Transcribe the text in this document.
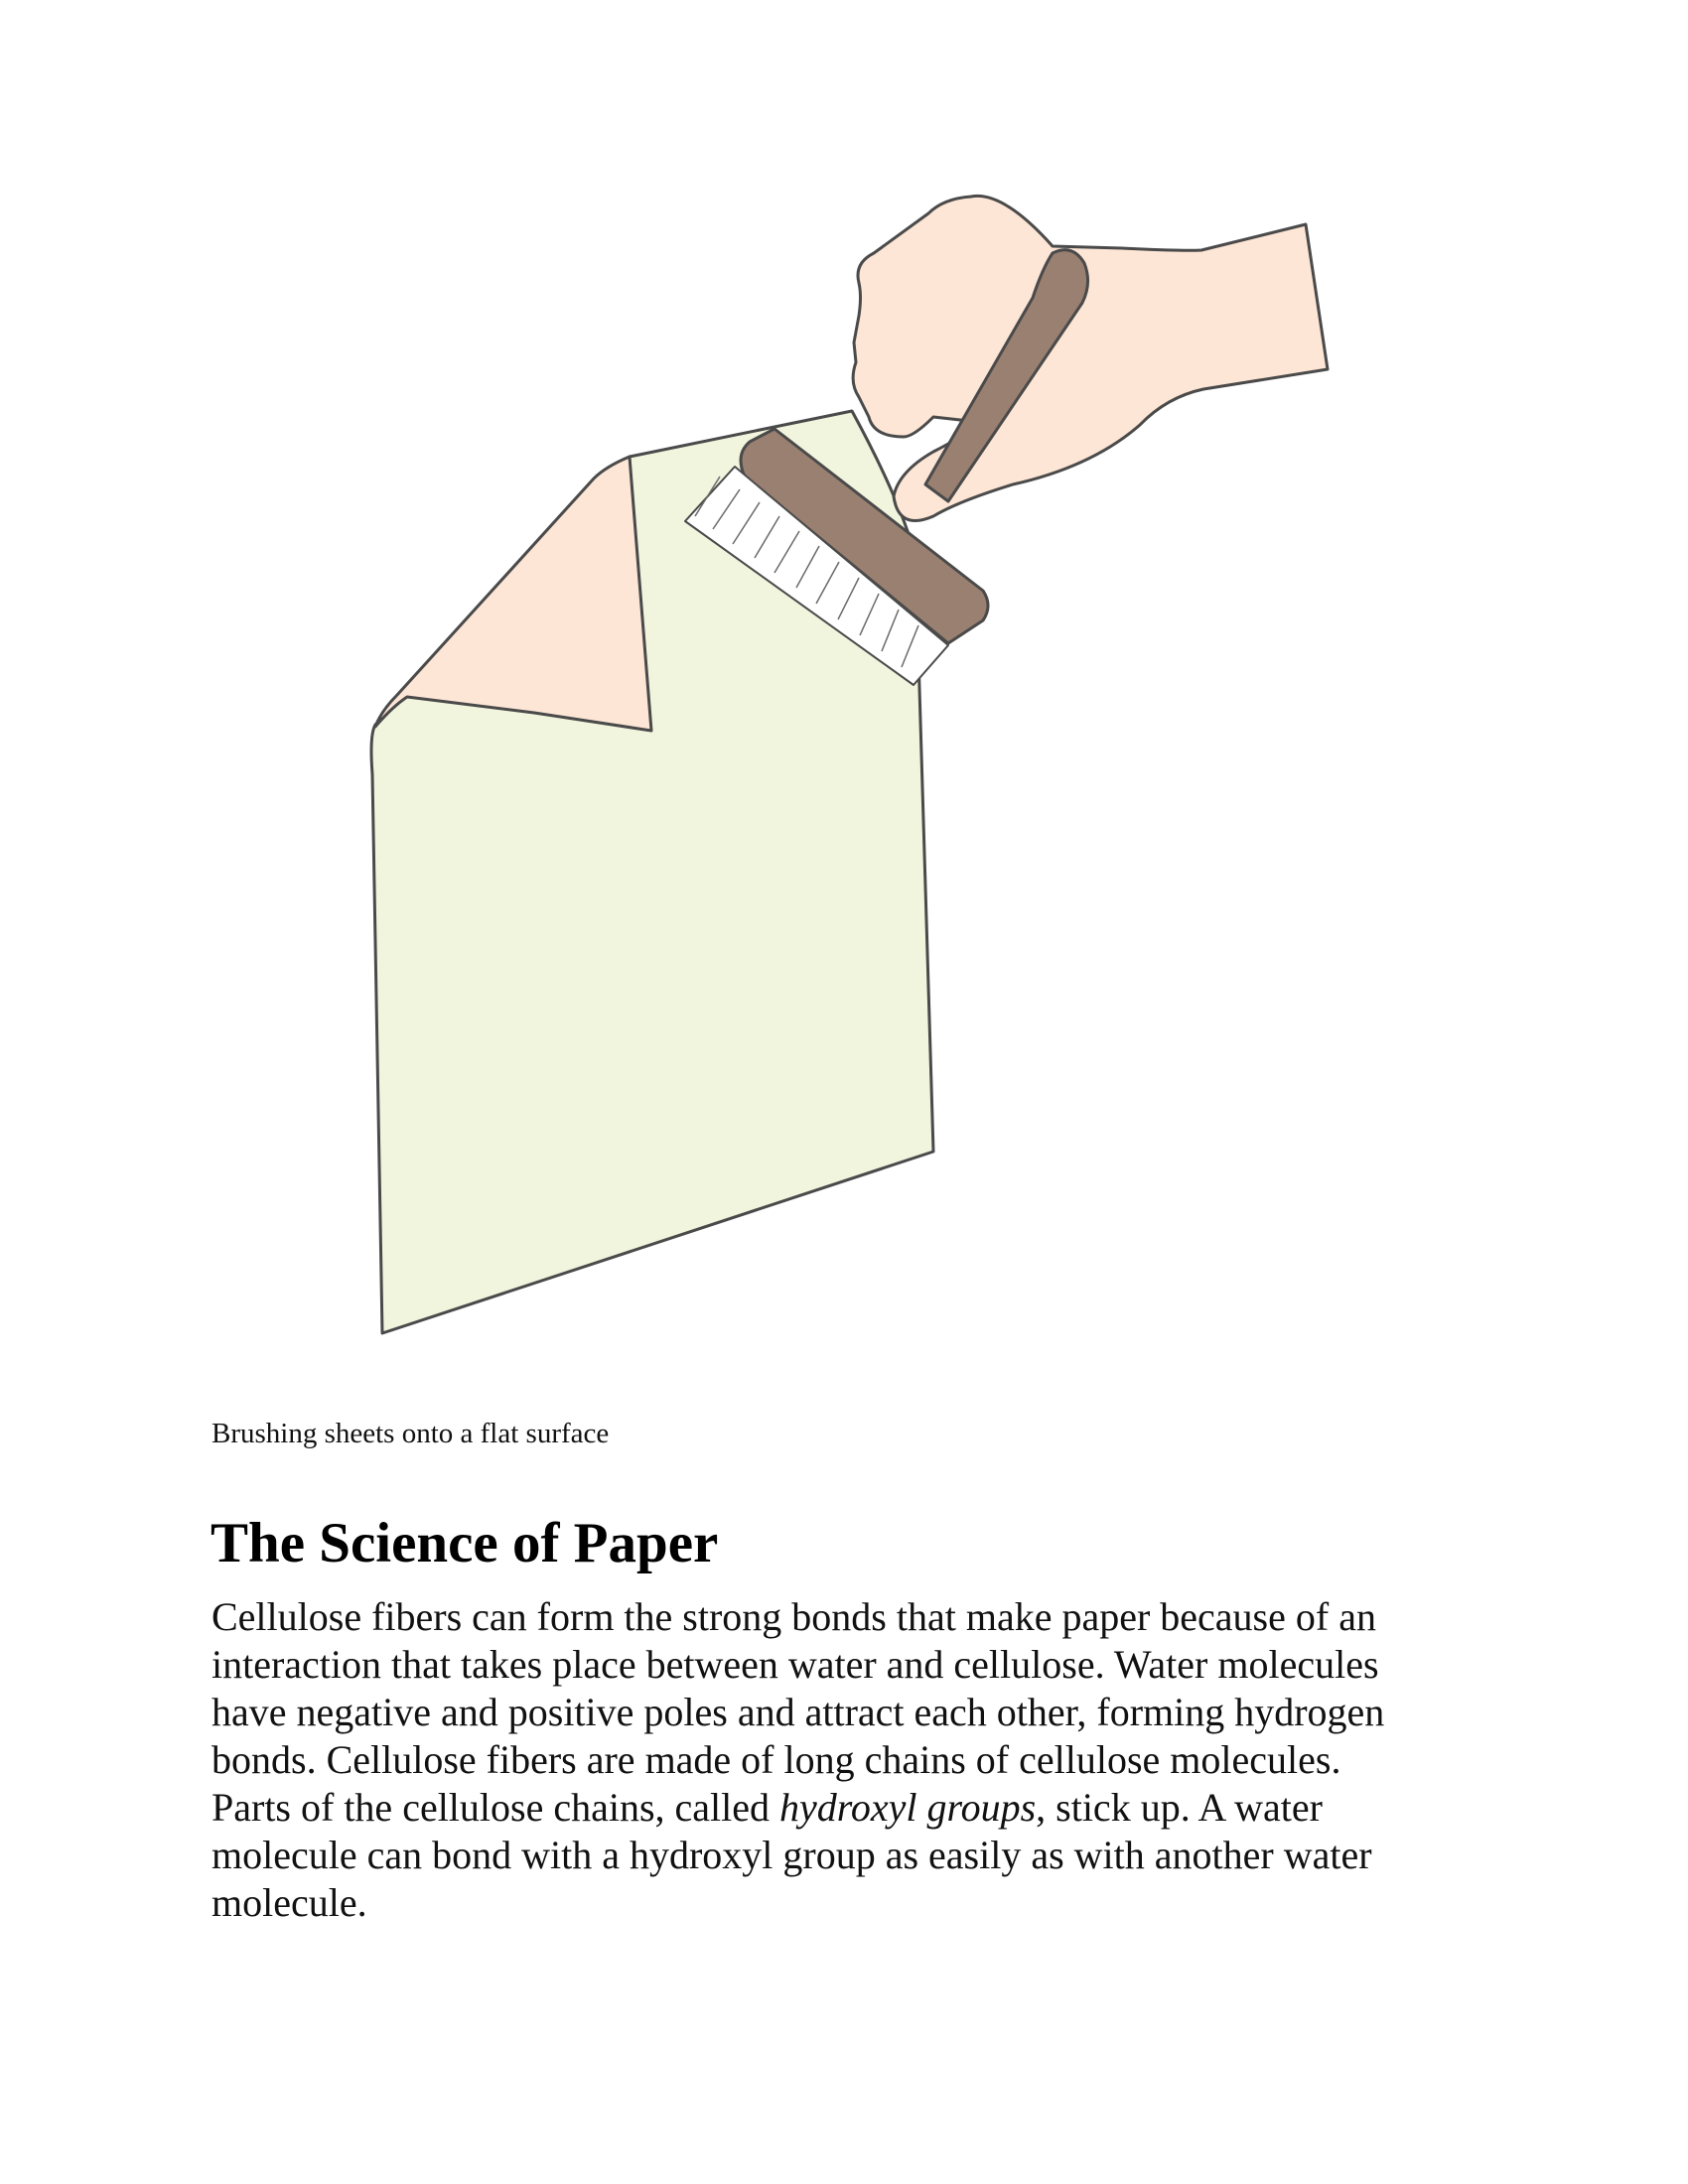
Brushing sheets onto a flat surface
The Science of Paper

Cellulose fibers can form the strong bonds that make paper because of an
interaction that takes place between water and cellulose. Water molecules
have negative and positive poles and attract each other, forming hydrogen
bonds. Cellulose fibers are made of long chains of cellulose molecules.
Parts of the cellulose chains, called hydroxyl groups, stick up. A water
molecule can bond with a hydroxyl group as easily as with another water
molecule.
